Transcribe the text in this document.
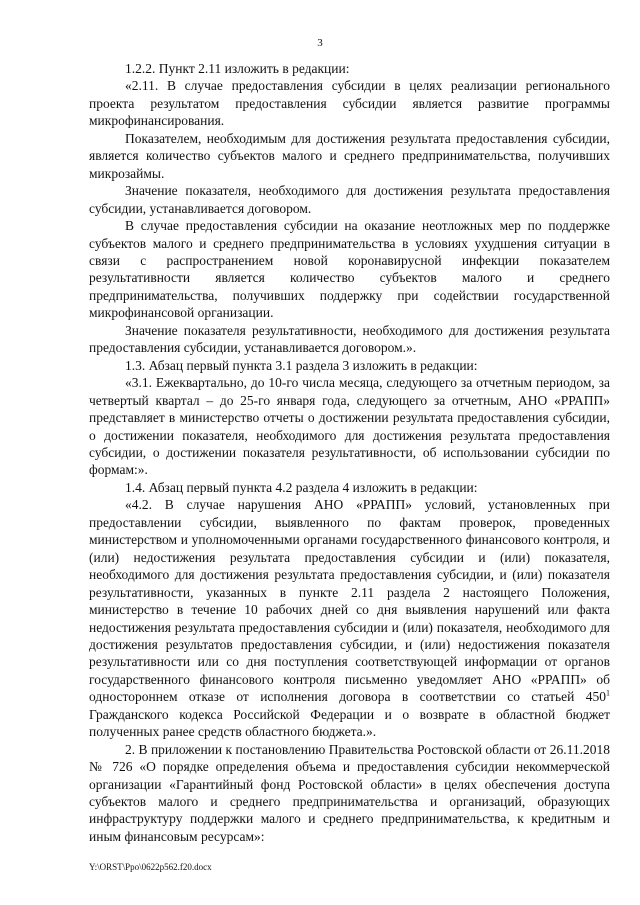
3

1.2.2. Пункт 2.11 изложить в редакции:

«2.11. В случае предоставления субсидии в целях реализации регионального проекта результатом предоставления субсидии является развитие программы микрофинансирования.

Показателем, необходимым для достижения результата предоставления субсидии, является количество субъектов малого и среднего предпринимательства, получивших микрозаймы.

Значение показателя, необходимого для достижения результата предоставления субсидии, устанавливается договором.

В случае предоставления субсидии на оказание неотложных мер по поддержке субъектов малого и среднего предпринимательства в условиях ухудшения ситуации в связи с распространением новой коронавирусной инфекции показателем результативности является количество субъектов малого и среднего предпринимательства, получивших поддержку при содействии государственной микрофинансовой организации.

Значение показателя результативности, необходимого для достижения результата предоставления субсидии, устанавливается договором.».

1.3. Абзац первый пункта 3.1 раздела 3 изложить в редакции:

«3.1. Ежеквартально, до 10-го числа месяца, следующего за отчетным периодом, за четвертый квартал – до 25-го января года, следующего за отчетным, АНО «РРАПП» представляет в министерство отчеты о достижении результата предоставления субсидии, о достижении показателя, необходимого для достижения результата предоставления субсидии, о достижении показателя результативности, об использовании субсидии по формам:».

1.4. Абзац первый пункта 4.2 раздела 4 изложить в редакции:

«4.2. В случае нарушения АНО «РРАПП» условий, установленных при предоставлении субсидии, выявленного по фактам проверок, проведенных министерством и уполномоченными органами государственного финансового контроля, и (или) недостижения результата предоставления субсидии и (или) показателя, необходимого для достижения результата предоставления субсидии, и (или) показателя результативности, указанных в пункте 2.11 раздела 2 настоящего Положения, министерство в течение 10 рабочих дней со дня выявления нарушений или факта недостижения результата предоставления субсидии и (или) показателя, необходимого для достижения результатов предоставления субсидии, и (или) недостижения показателя результативности или со дня поступления соответствующей информации от органов государственного финансового контроля письменно уведомляет АНО «РРАПП» об одностороннем отказе от исполнения договора в соответствии со статьей $450^1$ Гражданского кодекса Российской Федерации и о возврате в областной бюджет полученных ранее средств областного бюджета.».

2. В приложении к постановлению Правительства Ростовской области от 26.11.2018 № 726 «О порядке определения объема и предоставления субсидии некоммерческой организации «Гарантийный фонд Ростовской области» в целях обеспечения доступа субъектов малого и среднего предпринимательства и организаций, образующих инфраструктуру поддержки малого и среднего предпринимательства, к кредитным и иным финансовым ресурсам»:

Y:\ORST\Ppo\0622p562.f20.docx
